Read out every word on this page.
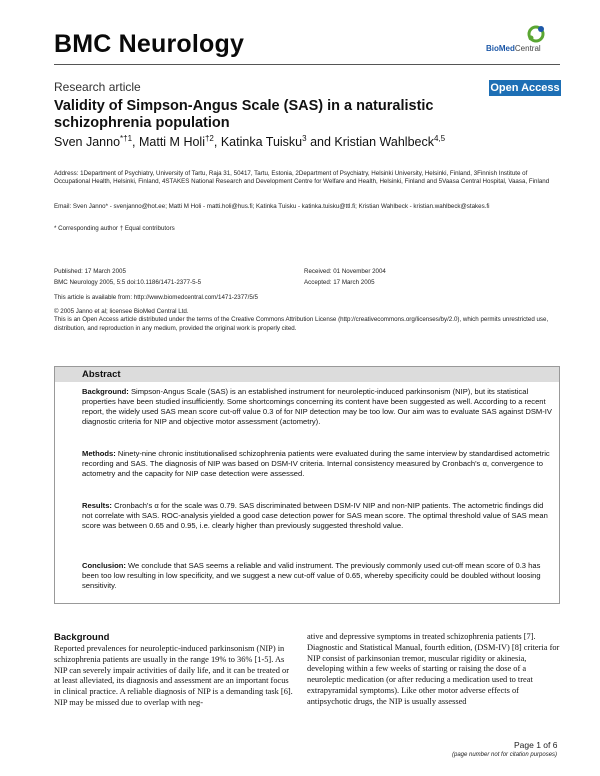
BMC Neurology	BioMedCentral
Research article	Open Access
Validity of Simpson-Angus Scale (SAS) in a naturalistic schizophrenia population
Sven Janno$^{*\dagger 1}$, Matti M Holi$^{\dagger 2}$, Katinka Tuisku$^3$ and Kristian Wahlbeck$^{4,5}$
Address: 1Department of Psychiatry, University of Tartu, Raja 31, 50417, Tartu, Estonia, 2Department of Psychiatry, Helsinki University, Helsinki, Finland, 3Finnish Institute of Occupational Health, Helsinki, Finland, 4STAKES National Research and Development Centre for Welfare and Health, Helsinki, Finland and 5Vaasa Central Hospital, Vaasa, Finland
Email: Sven Janno* - svenjanno@hot.ee; Matti M Holi - matti.holi@hus.fi; Katinka Tuisku - katinka.tuisku@ttl.fi; Kristian Wahlbeck - kristian.wahlbeck@stakes.fi
* Corresponding author † Equal contributors
Published: 17 March 2005
BMC Neurology 2005, 5:5 doi:10.1186/1471-2377-5-5
Received: 01 November 2004
Accepted: 17 March 2005
This article is available from: http://www.biomedcentral.com/1471-2377/5/5
© 2005 Janno et al; licensee BioMed Central Ltd.
This is an Open Access article distributed under the terms of the Creative Commons Attribution License (http://creativecommons.org/licenses/by/2.0), which permits unrestricted use, distribution, and reproduction in any medium, provided the original work is properly cited.
Abstract
Background: Simpson-Angus Scale (SAS) is an established instrument for neuroleptic-induced parkinsonism (NIP), but its statistical properties have been studied insufficiently. Some shortcomings concerning its content have been suggested as well. According to a recent report, the widely used SAS mean score cut-off value 0.3 of for NIP detection may be too low. Our aim was to evaluate SAS against DSM-IV diagnostic criteria for NIP and objective motor assessment (actometry).
Methods: Ninety-nine chronic institutionalised schizophrenia patients were evaluated during the same interview by standardised actometric recording and SAS. The diagnosis of NIP was based on DSM-IV criteria. Internal consistency measured by Cronbach's α, convergence to actometry and the capacity for NIP case detection were assessed.
Results: Cronbach's α for the scale was 0.79. SAS discriminated between DSM-IV NIP and non-NIP patients. The actometric findings did not correlate with SAS. ROC-analysis yielded a good case detection power for SAS mean score. The optimal threshold value of SAS mean score was between 0.65 and 0.95, i.e. clearly higher than previously suggested threshold value.
Conclusion: We conclude that SAS seems a reliable and valid instrument. The previously commonly used cut-off mean score of 0.3 has been too low resulting in low specificity, and we suggest a new cut-off value of 0.65, whereby specificity could be doubled without loosing sensitivity.
Background
Reported prevalences for neuroleptic-induced parkinsonism (NIP) in schizophrenia patients are usually in the range 19% to 36% [1-5]. As NIP can severely impair activities of daily life, and it can be treated or at least alleviated, its diagnosis and assessment are an important focus in clinical practice. A reliable diagnosis of NIP is a demanding task [6]. NIP may be missed due to overlap with neg-
ative and depressive symptoms in treated schizophrenia patients [7]. Diagnostic and Statistical Manual, fourth edition, (DSM-IV) [8] criteria for NIP consist of parkinsonian tremor, muscular rigidity or akinesia, developing within a few weeks of starting or raising the dose of a neuroleptic medication (or after reducing a medication used to treat extrapyramidal symptoms). Like other motor adverse effects of antipsychotic drugs, the NIP is usually assessed
Page 1 of 6
(page number not for citation purposes)
